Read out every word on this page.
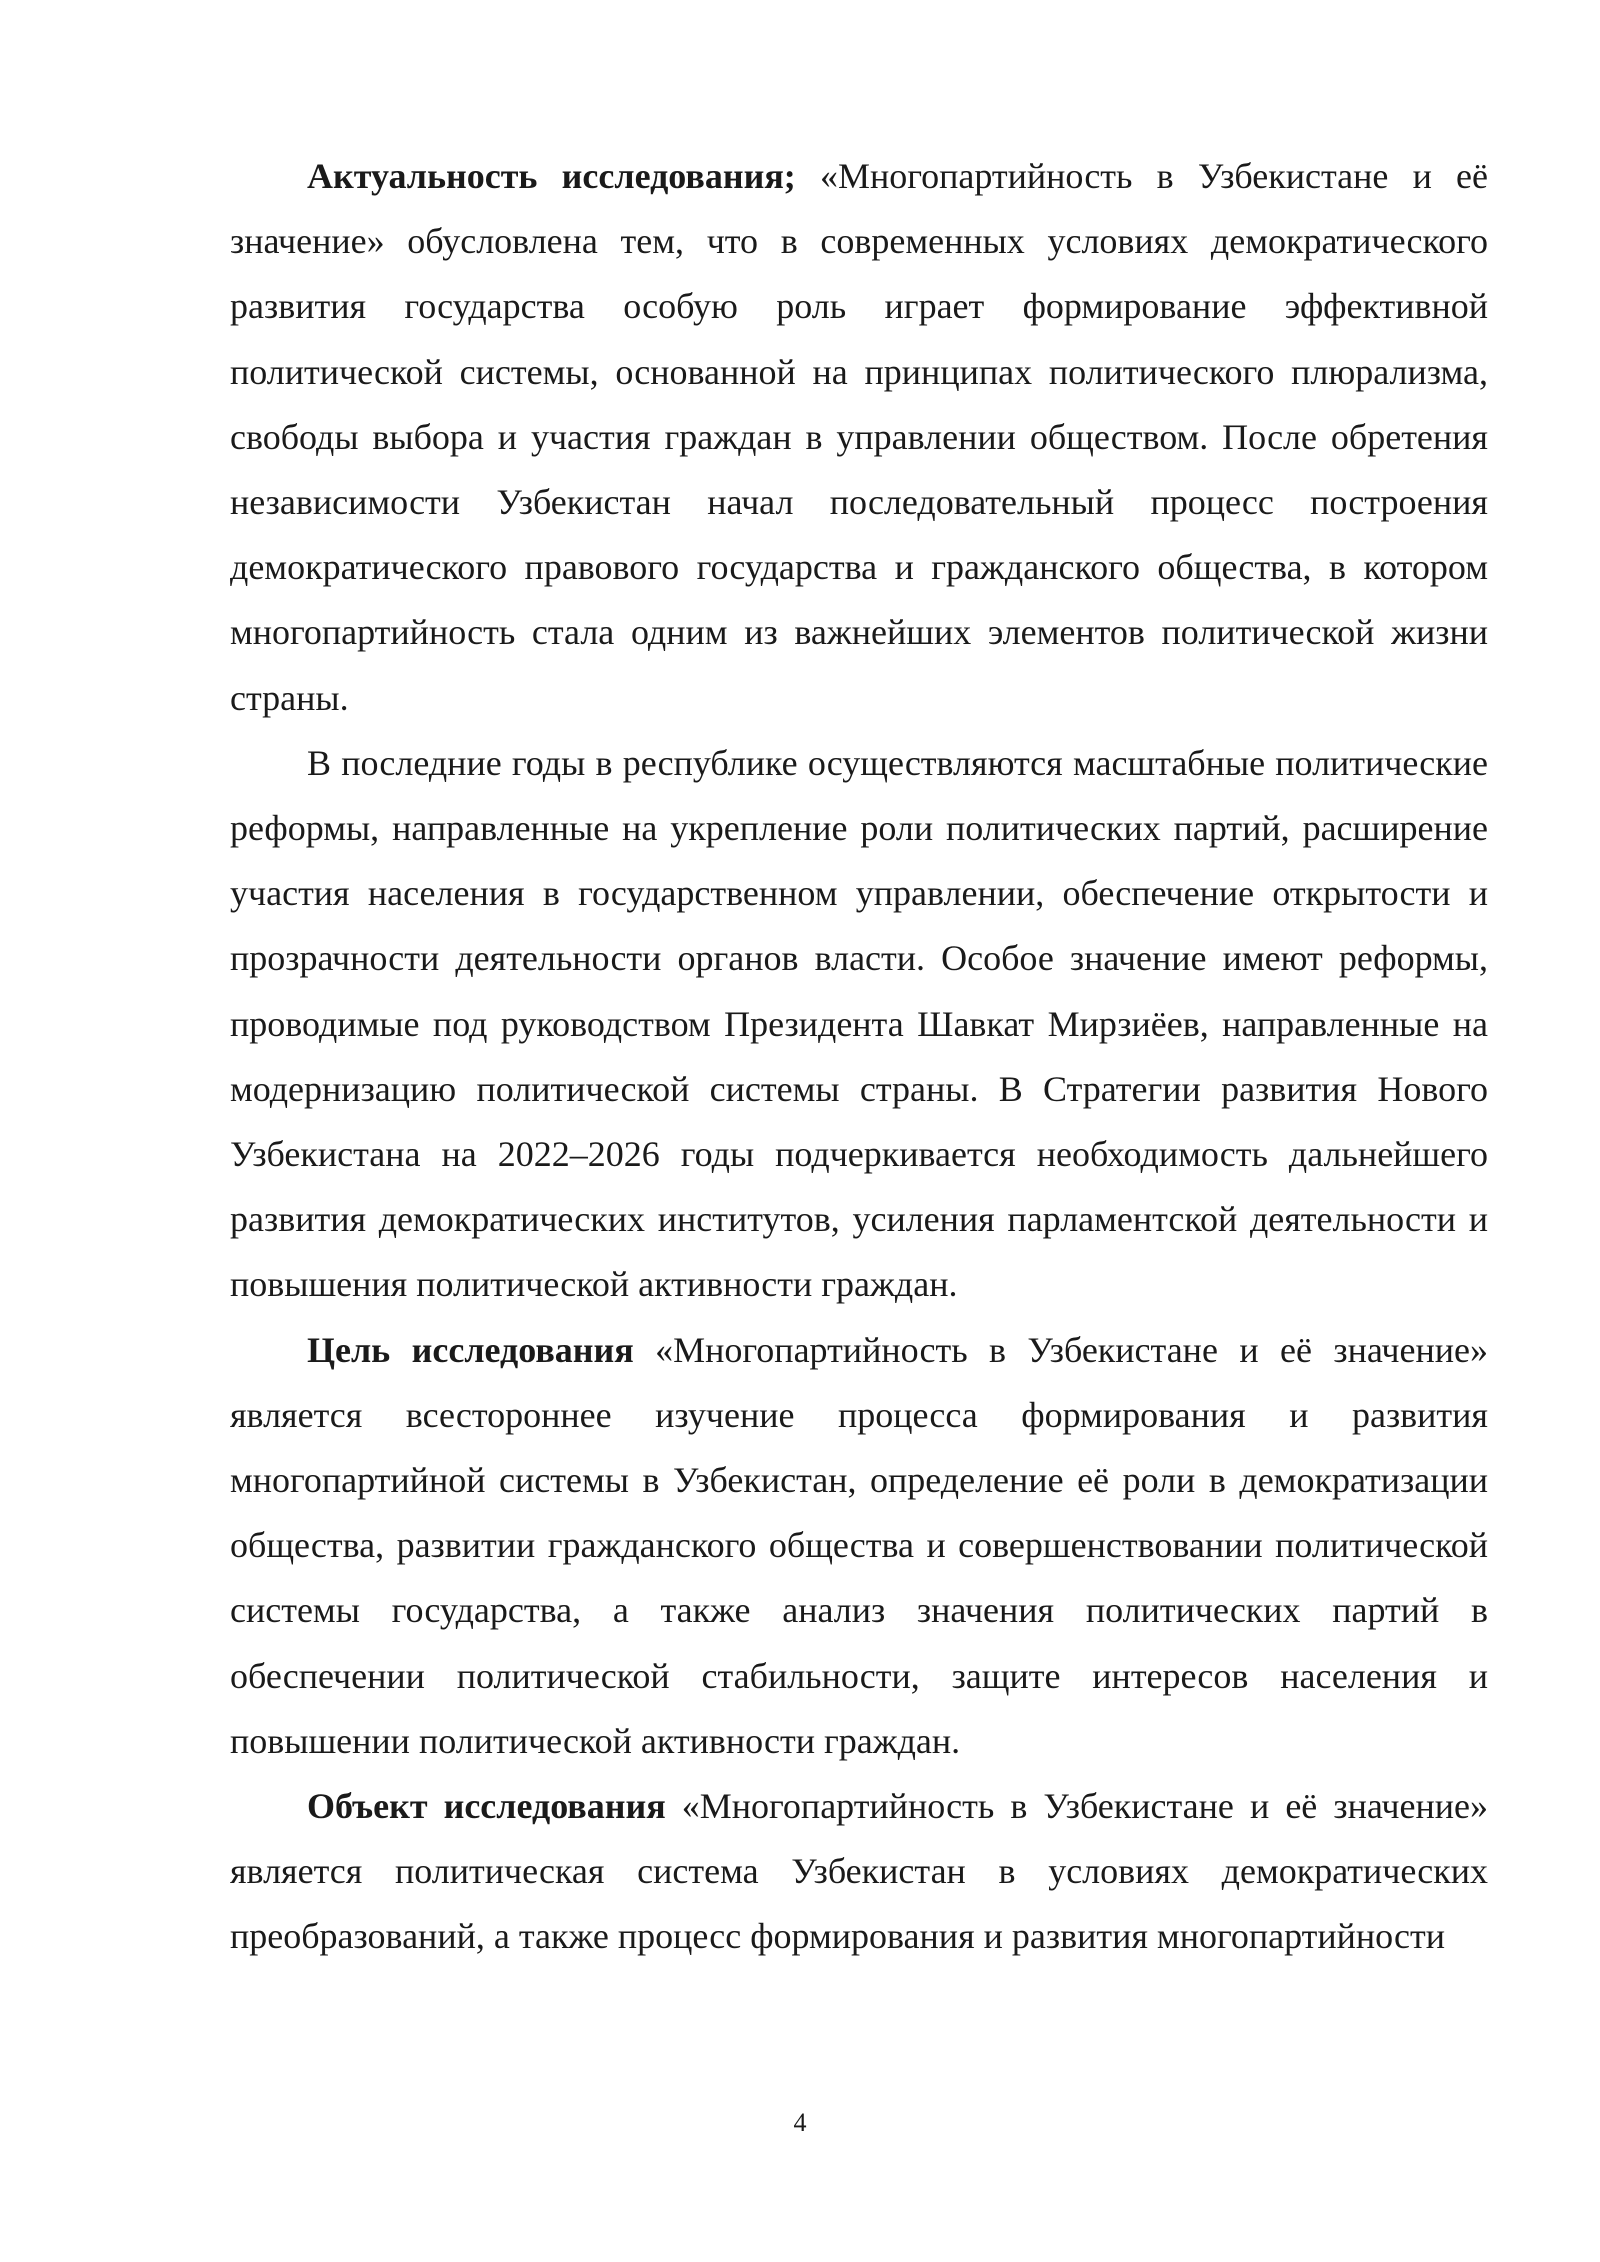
Актуальность исследования; «Многопартийность в Узбекистане и её значение» обусловлена тем, что в современных условиях демократического развития государства особую роль играет формирование эффективной политической системы, основанной на принципах политического плюрализма, свободы выбора и участия граждан в управлении обществом. После обретения независимости Узбекистан начал последовательный процесс построения демократического правового государства и гражданского общества, в котором многопартийность стала одним из важнейших элементов политической жизни страны.

В последние годы в республике осуществляются масштабные политические реформы, направленные на укрепление роли политических партий, расширение участия населения в государственном управлении, обеспечение открытости и прозрачности деятельности органов власти. Особое значение имеют реформы, проводимые под руководством Президента Шавкат Мирзиёев, направленные на модернизацию политической системы страны. В Стратегии развития Нового Узбекистана на 2022–2026 годы подчеркивается необходимость дальнейшего развития демократических институтов, усиления парламентской деятельности и повышения политической активности граждан.

Цель исследования «Многопартийность в Узбекистане и её значение» является всестороннее изучение процесса формирования и развития многопартийной системы в Узбекистан, определение её роли в демократизации общества, развитии гражданского общества и совершенствовании политической системы государства, а также анализ значения политических партий в обеспечении политической стабильности, защите интересов населения и повышении политической активности граждан.

Объект исследования «Многопартийность в Узбекистане и её значение» является политическая система Узбекистан в условиях демократических преобразований, а также процесс формирования и развития многопартийности

4
